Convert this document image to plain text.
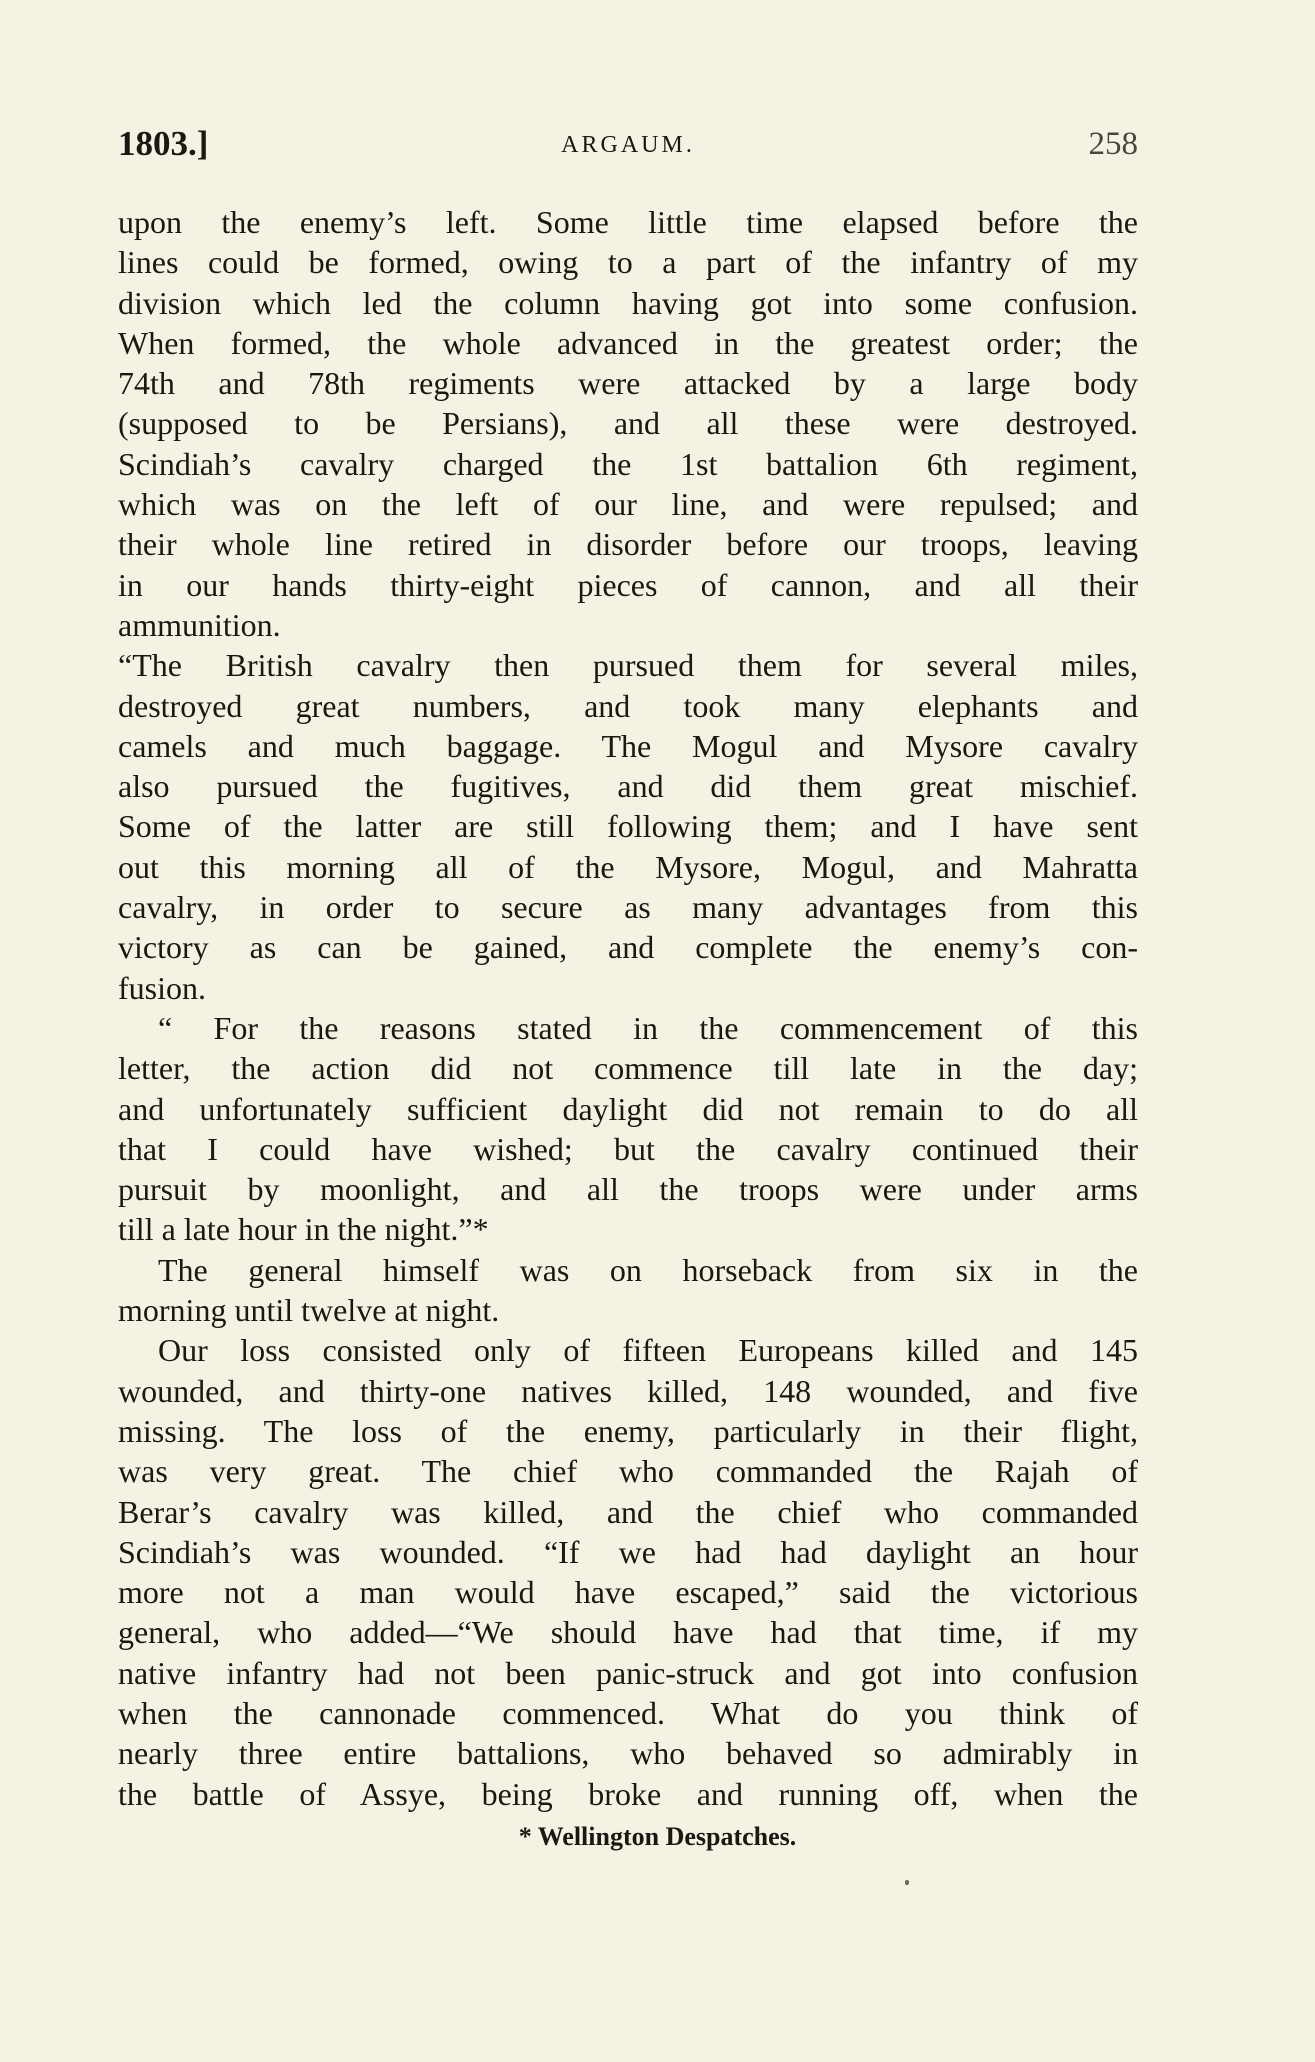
1803.]	ARGAUM.	258
upon the enemy’s left. Some little time elapsed before the
lines could be formed, owing to a part of the infantry of my
division which led the column having got into some confusion.
When formed, the whole advanced in the greatest order; the
74th and 78th regiments were attacked by a large body
(supposed to be Persians), and all these were destroyed.
Scindiah’s cavalry charged the 1st battalion 6th regiment,
which was on the left of our line, and were repulsed; and
their whole line retired in disorder before our troops, leaving
in our hands thirty-eight pieces of cannon, and all their
ammunition.
“The British cavalry then pursued them for several miles,
destroyed great numbers, and took many elephants and
camels and much baggage. The Mogul and Mysore cavalry
also pursued the fugitives, and did them great mischief.
Some of the latter are still following them; and I have sent
out this morning all of the Mysore, Mogul, and Mahratta
cavalry, in order to secure as many advantages from this
victory as can be gained, and complete the enemy’s con-
fusion.
“ For the reasons stated in the commencement of this
letter, the action did not commence till late in the day;
and unfortunately sufficient daylight did not remain to do all
that I could have wished; but the cavalry continued their
pursuit by moonlight, and all the troops were under arms
till a late hour in the night.”*
The general himself was on horseback from six in the
morning until twelve at night.
Our loss consisted only of fifteen Europeans killed and 145
wounded, and thirty-one natives killed, 148 wounded, and five
missing. The loss of the enemy, particularly in their flight,
was very great. The chief who commanded the Rajah of
Berar’s cavalry was killed, and the chief who commanded
Scindiah’s was wounded. “If we had had daylight an hour
more not a man would have escaped,” said the victorious
general, who added—“We should have had that time, if my
native infantry had not been panic-struck and got into confusion
when the cannonade commenced. What do you think of
nearly three entire battalions, who behaved so admirably in
the battle of Assye, being broke and running off, when the
* Wellington Despatches.
